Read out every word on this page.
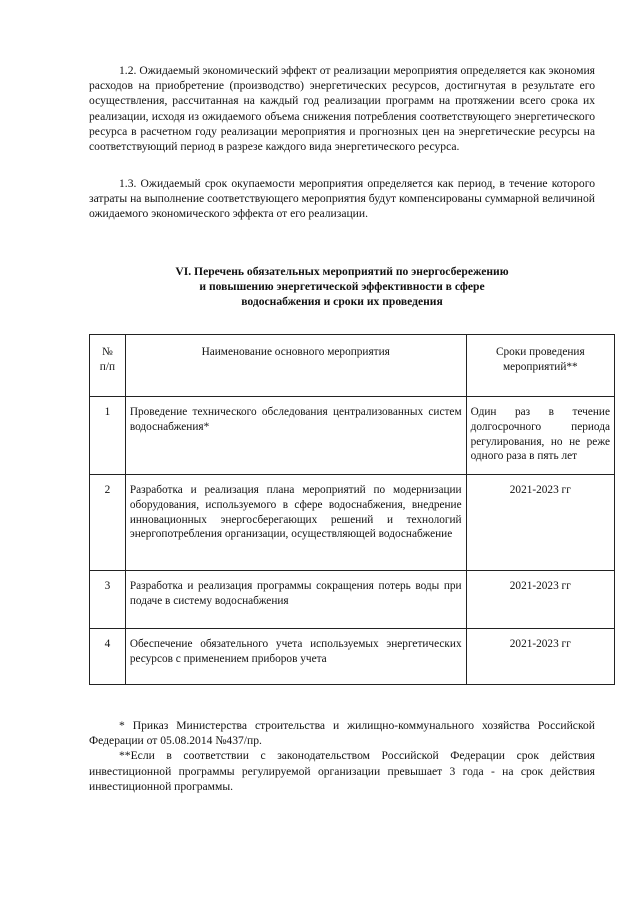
1.2. Ожидаемый экономический эффект от реализации мероприятия определяется как экономия расходов на приобретение (производство) энергетических ресурсов, достигнутая в результате его осуществления, рассчитанная на каждый год реализации программ на протяжении всего срока их реализации, исходя из ожидаемого объема снижения потребления соответствующего энергетического ресурса в расчетном году реализации мероприятия и прогнозных цен на энергетические ресурсы на соответствующий период в разрезе каждого вида энергетического ресурса.

1.3. Ожидаемый срок окупаемости мероприятия определяется как период, в течение которого затраты на выполнение соответствующего мероприятия будут компенсированы суммарной величиной ожидаемого экономического эффекта от его реализации.

VI. Перечень обязательных мероприятий по энергосбережению
и повышению энергетической эффективности в сфере
водоснабжения и сроки их проведения
№
п/п	Наименование основного мероприятия	Сроки проведения мероприятий**
1	Проведение технического обследования централизованных систем водоснабжения*	Один раз в течение долгосрочного периода регулирования, но не реже одного раза в пять лет
2	Разработка и реализация плана мероприятий по модернизации оборудования, используемого в сфере водоснабжения, внедрение инновационных энергосберегающих решений и технологий энергопотребления организации, осуществляющей водоснабжение	2021-2023 гг
3	Разработка и реализация программы сокращения потерь воды при подаче в систему водоснабжения	2021-2023 гг
4	Обеспечение обязательного учета используемых энергетических ресурсов с применением приборов учета	2021-2023 гг

* Приказ Министерства строительства и жилищно-коммунального хозяйства Российской Федерации от 05.08.2014 №437/пр.

**Если в соответствии с законодательством Российской Федерации срок действия инвестиционной программы регулируемой организации превышает 3 года - на срок действия инвестиционной программы.
